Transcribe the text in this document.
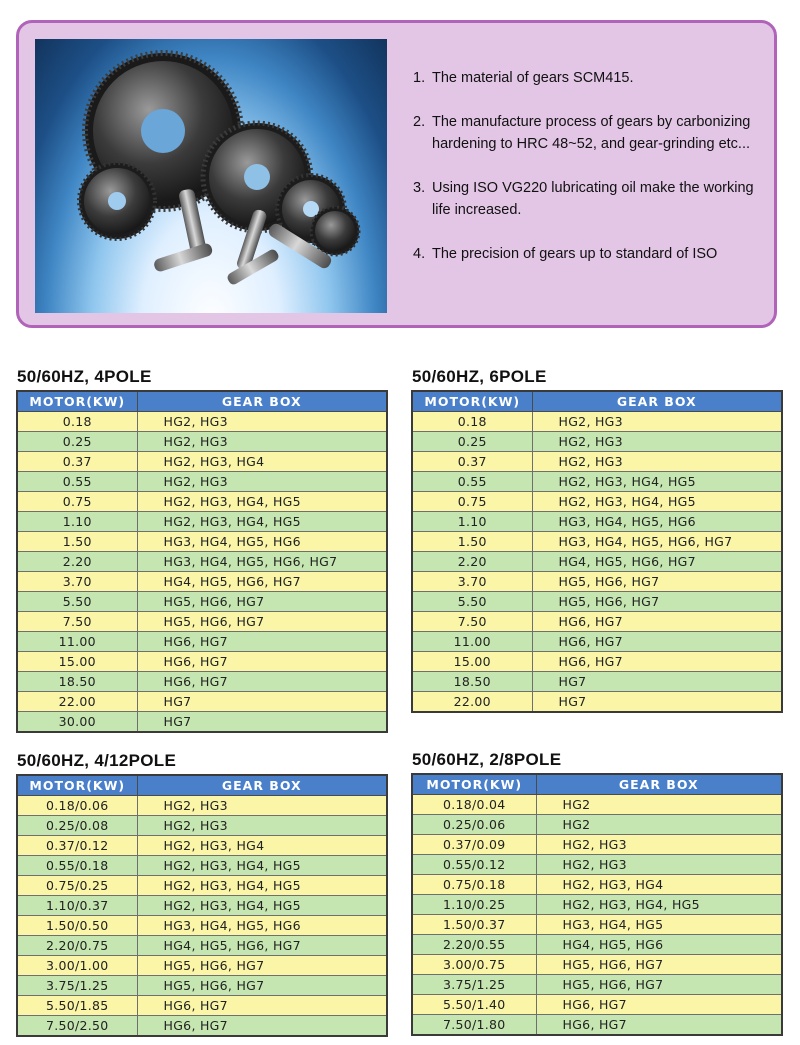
1. The material of gears SCM415.
2. The manufacture process of gears by carbonizing hardening to HRC 48~52, and gear-grinding etc...
3. Using ISO VG220 lubricating oil make the working life increased.
4. The precision of gears up to standard of ISO
50/60HZ, 4POLE	50/60HZ, 6POLE
50/60HZ, 4/12POLE	50/60HZ, 2/8POLE
MOTOR(KW)	GEAR BOX
0.18	HG2, HG3
0.25	HG2, HG3
0.37	HG2, HG3, HG4
0.55	HG2, HG3
0.75	HG2, HG3, HG4, HG5
1.10	HG2, HG3, HG4, HG5
1.50	HG3, HG4, HG5, HG6
2.20	HG3, HG4, HG5, HG6, HG7
3.70	HG4, HG5, HG6, HG7
5.50	HG5, HG6, HG7
7.50	HG5, HG6, HG7
11.00	HG6, HG7
15.00	HG6, HG7
18.50	HG6, HG7
22.00	HG7
30.00	HG7
MOTOR(KW)	GEAR BOX
0.18	HG2, HG3
0.25	HG2, HG3
0.37	HG2, HG3
0.55	HG2, HG3, HG4, HG5
0.75	HG2, HG3, HG4, HG5
1.10	HG3, HG4, HG5, HG6
1.50	HG3, HG4, HG5, HG6, HG7
2.20	HG4, HG5, HG6, HG7
3.70	HG5, HG6, HG7
5.50	HG5, HG6, HG7
7.50	HG6, HG7
11.00	HG6, HG7
15.00	HG6, HG7
18.50	HG7
22.00	HG7
MOTOR(KW)	GEAR BOX
0.18/0.06	HG2, HG3
0.25/0.08	HG2, HG3
0.37/0.12	HG2, HG3, HG4
0.55/0.18	HG2, HG3, HG4, HG5
0.75/0.25	HG2, HG3, HG4, HG5
1.10/0.37	HG2, HG3, HG4, HG5
1.50/0.50	HG3, HG4, HG5, HG6
2.20/0.75	HG4, HG5, HG6, HG7
3.00/1.00	HG5, HG6, HG7
3.75/1.25	HG5, HG6, HG7
5.50/1.85	HG6, HG7
7.50/2.50	HG6, HG7
MOTOR(KW)	GEAR BOX
0.18/0.04	HG2
0.25/0.06	HG2
0.37/0.09	HG2, HG3
0.55/0.12	HG2, HG3
0.75/0.18	HG2, HG3, HG4
1.10/0.25	HG2, HG3, HG4, HG5
1.50/0.37	HG3, HG4, HG5
2.20/0.55	HG4, HG5, HG6
3.00/0.75	HG5, HG6, HG7
3.75/1.25	HG5, HG6, HG7
5.50/1.40	HG6, HG7
7.50/1.80	HG6, HG7
